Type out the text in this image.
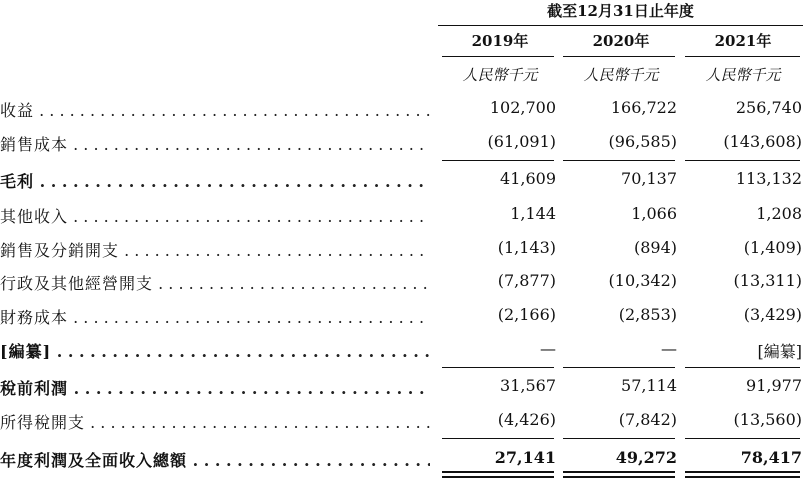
截至12月31日止年度
2019年	2020年	2021年
人民幣千元	人民幣千元	人民幣千元
收益 . . .	102,700	166,722	256,740
銷售成本 . . .	(61,091)	(96,585)	(143,608)
毛利 . . .	41,609	70,137	113,132
其他收入 . . .	1,144	1,066	1,208
銷售及分銷開支 . . .	(1,143)	(894)	(1,409)
行政及其他經營開支 . . .	(7,877)	(10,342)	(13,311)
財務成本 . . .	(2,166)	(2,853)	(3,429)
[編纂] . . .	—	—	[編纂]
稅前利潤 . . .	31,567	57,114	91,977
所得稅開支 . . .	(4,426)	(7,842)	(13,560)
年度利潤及全面收入總額 . . .	27,141	49,272	78,417
